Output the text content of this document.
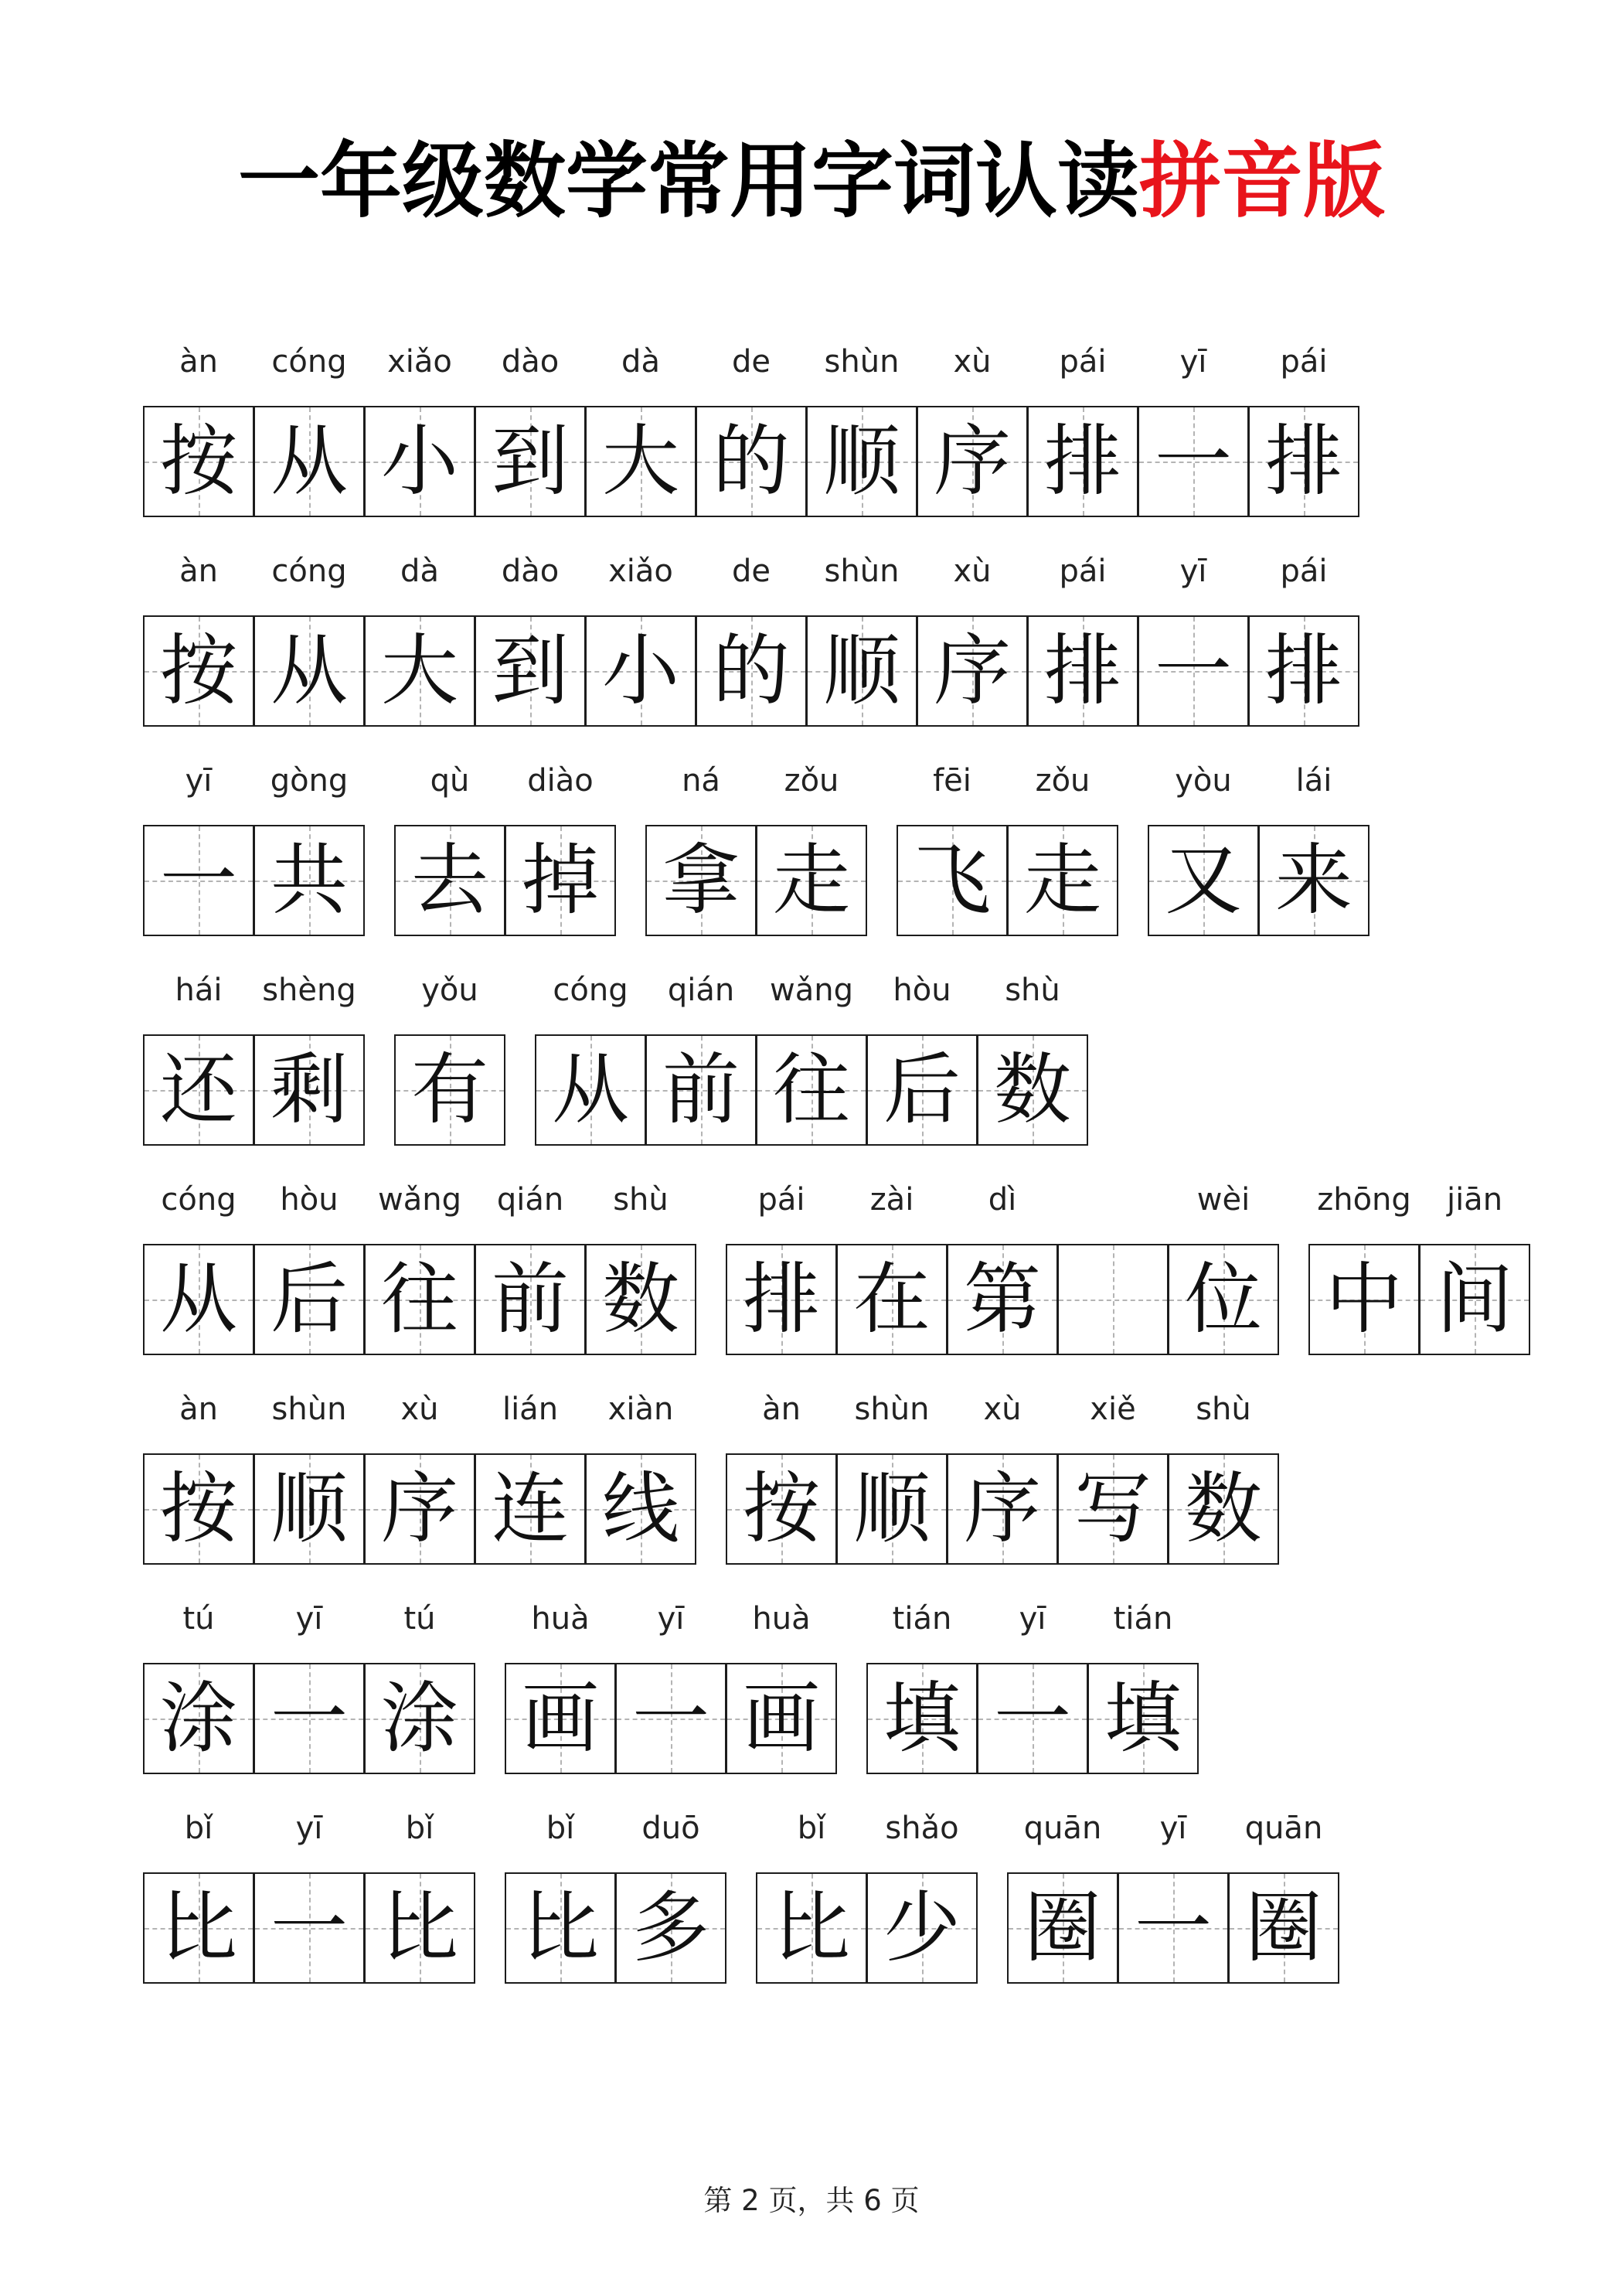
一年级数学常用字词认读拼音版
àn
按
cóng
从
xiǎo
小
dào
到
dà
大
de
的
shùn
顺
xù
序
pái
排
yī
一
pái
排
àn
按
cóng
从
dà
大
dào
到
xiǎo
小
de
的
shùn
顺
xù
序
pái
排
yī
一
pái
排
yī
一
gòng
共
qù
去
diào
掉
ná
拿
zǒu
走
fēi
飞
zǒu
走
yòu
又
lái
来
hái
还
shèng
剩
yǒu
有
cóng
从
qián
前
wǎng
往
hòu
后
shù
数
cóng
从
hòu
后
wǎng
往
qián
前
shù
数
pái
排
zài
在
dì
第
wèi
位
zhōng
中
jiān
间
àn
按
shùn
顺
xù
序
lián
连
xiàn
线
àn
按
shùn
顺
xù
序
xiě
写
shù
数
tú
涂
yī
一
tú
涂
huà
画
yī
一
huà
画
tián
填
yī
一
tián
填
bǐ
比
yī
一
bǐ
比
bǐ
比
duō
多
bǐ
比
shǎo
少
quān
圈
yī
一
quān
圈
第 2 页，共 6 页
